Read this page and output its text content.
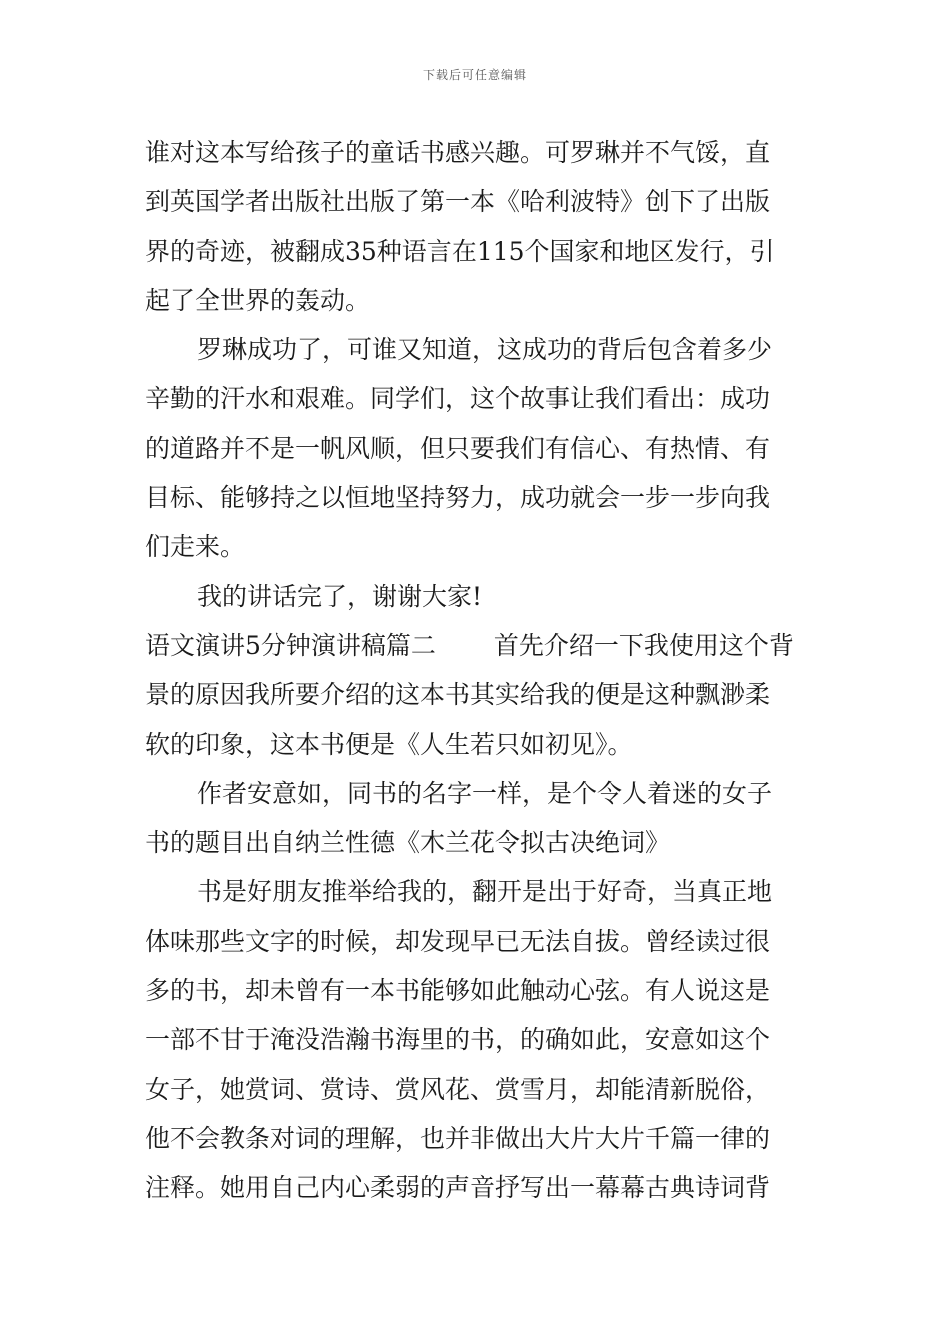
下载后可任意编辑
谁对这本写给孩子的童话书感兴趣。可罗琳并不气馁，直
到英国学者出版社出版了第一本《哈利波特》创下了出版
界的奇迹，被翻成35种语言在115个国家和地区发行，引
起了全世界的轰动。
罗琳成功了，可谁又知道，这成功的背后包含着多少
辛勤的汗水和艰难。同学们，这个故事让我们看出：成功
的道路并不是一帆风顺，但只要我们有信心、有热情、有
目标、能够持之以恒地坚持努力，成功就会一步一步向我
们走来。
我的讲话完了，谢谢大家!
语文演讲5分钟演讲稿篇二 首先介绍一下我使用这个背
景的原因我所要介绍的这本书其实给我的便是这种飘渺柔
软的印象，这本书便是《人生若只如初见》。
作者安意如，同书的名字一样，是个令人着迷的女子
书的题目出自纳兰性德《木兰花令拟古决绝词》
书是好朋友推举给我的，翻开是出于好奇，当真正地
体味那些文字的时候，却发现早已无法自拔。曾经读过很
多的书，却未曾有一本书能够如此触动心弦。有人说这是
一部不甘于淹没浩瀚书海里的书，的确如此，安意如这个
女子，她赏词、赏诗、赏风花、赏雪月，却能清新脱俗，
他不会教条对词的理解，也并非做出大片大片千篇一律的
注释。她用自己内心柔弱的声音抒写出一幕幕古典诗词背
